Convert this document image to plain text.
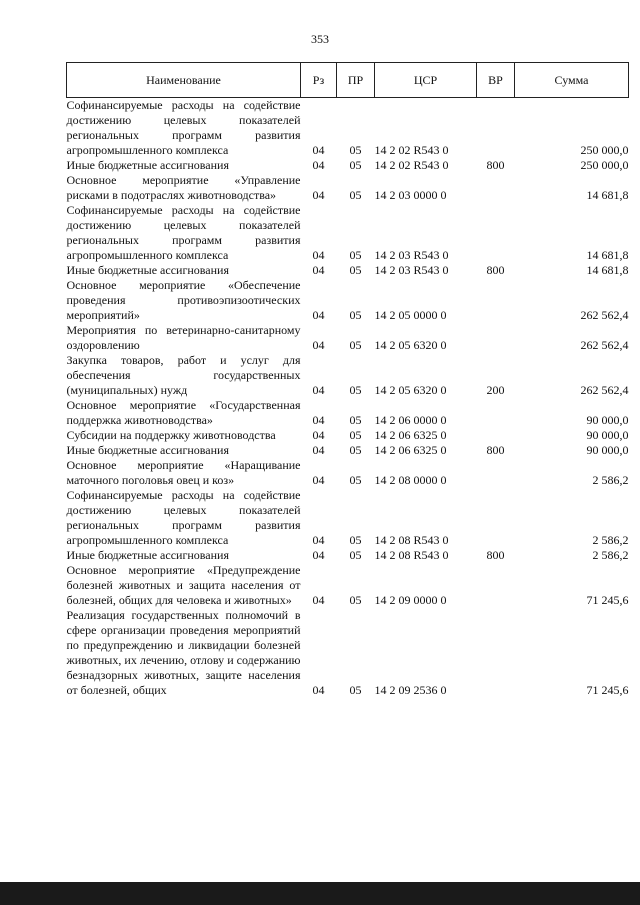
353
Наименование	Рз	ПР	ЦСР	ВР	Сумма
Софинансируемые расходы на содействие достижению целевых показателей региональных программ развития агропромышленного комплекса	04	05	14 2 02 R543 0		250 000,0
Иные бюджетные ассигнования	04	05	14 2 02 R543 0	800	250 000,0
Основное мероприятие «Управление рисками в подотраслях животноводства»	04	05	14 2 03 0000 0		14 681,8
Софинансируемые расходы на содействие достижению целевых показателей региональных программ развития агропромышленного комплекса	04	05	14 2 03 R543 0		14 681,8
Иные бюджетные ассигнования	04	05	14 2 03 R543 0	800	14 681,8
Основное мероприятие «Обеспечение проведения противоэпизоотических мероприятий»	04	05	14 2 05 0000 0		262 562,4
Мероприятия по ветеринарно-санитарному оздоровлению	04	05	14 2 05 6320 0		262 562,4
Закупка товаров, работ и услуг для обеспечения государственных (муниципальных) нужд	04	05	14 2 05 6320 0	200	262 562,4
Основное мероприятие «Государственная поддержка животноводства»	04	05	14 2 06 0000 0		90 000,0
Субсидии на поддержку животноводства	04	05	14 2 06 6325 0		90 000,0
Иные бюджетные ассигнования	04	05	14 2 06 6325 0	800	90 000,0
Основное мероприятие «Наращивание маточного поголовья овец и коз»	04	05	14 2 08 0000 0		2 586,2
Софинансируемые расходы на содействие достижению целевых показателей региональных программ развития агропромышленного комплекса	04	05	14 2 08 R543 0		2 586,2
Иные бюджетные ассигнования	04	05	14 2 08 R543 0	800	2 586,2
Основное мероприятие «Предупреждение болезней животных и защита населения от болезней, общих для человека и животных»	04	05	14 2 09 0000 0		71 245,6
Реализация государственных полномочий в сфере организации проведения мероприятий по предупреждению и ликвидации болезней животных, их лечению, отлову и содержанию безнадзорных животных, защите населения от болезней, общих	04	05	14 2 09 2536 0		71 245,6
